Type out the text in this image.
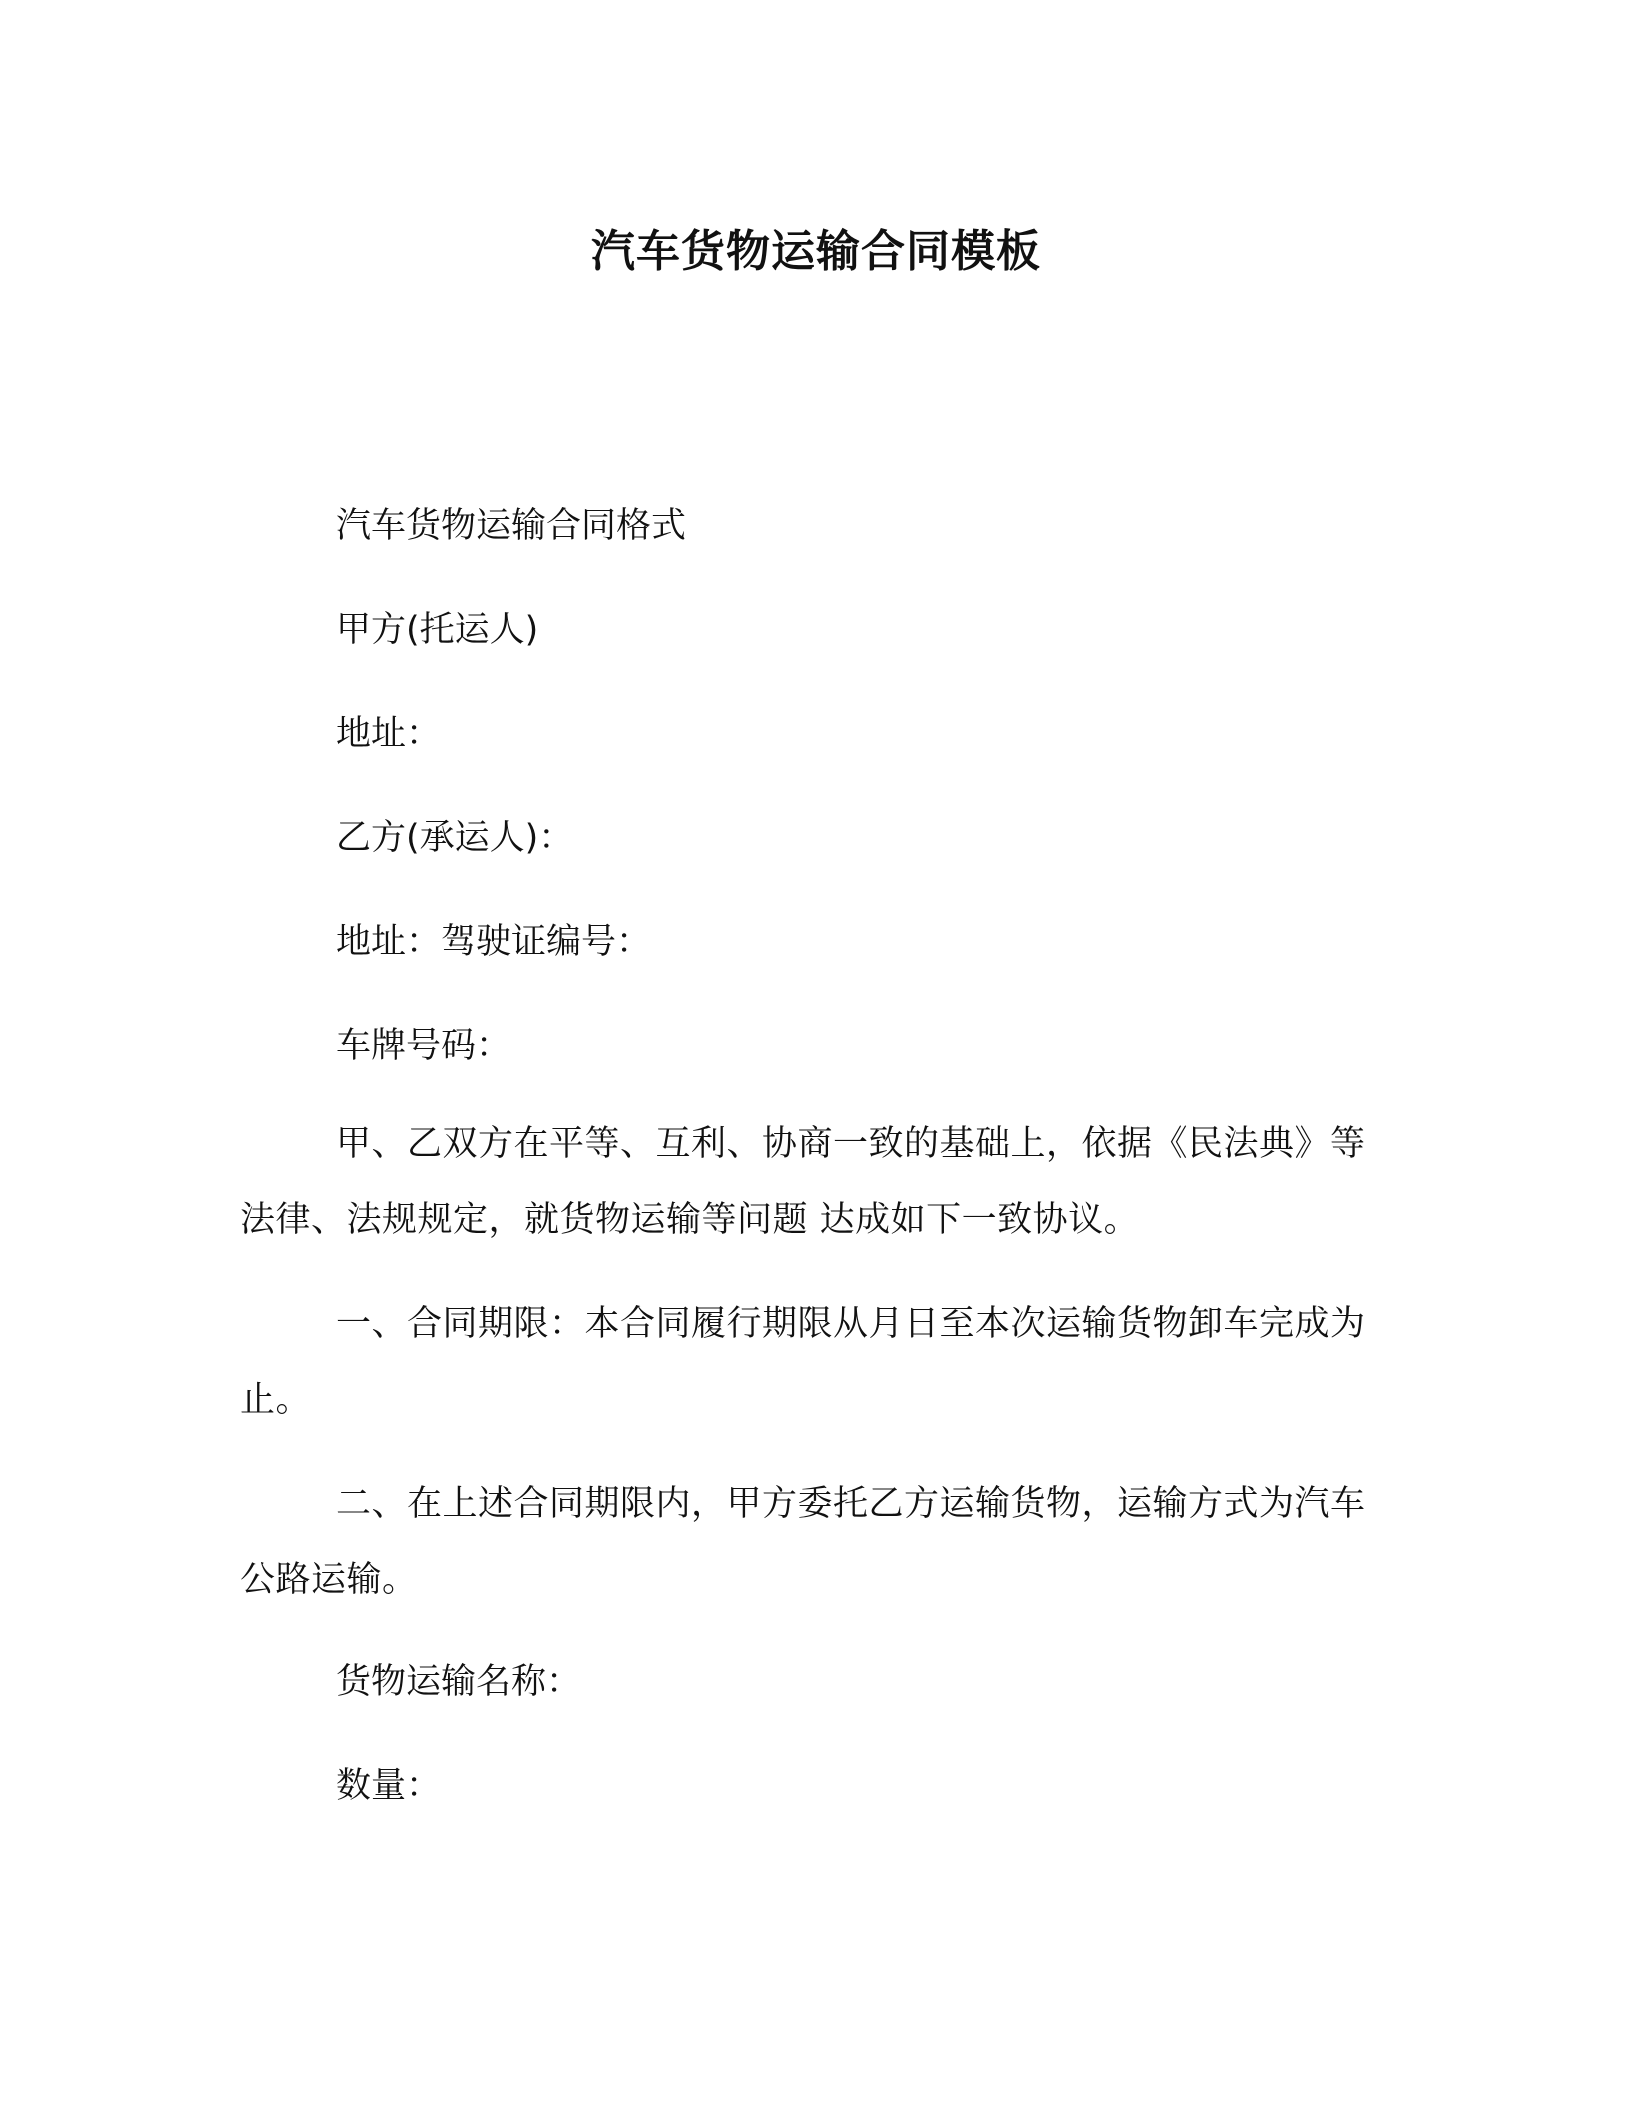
汽车货物运输合同模板
汽车货物运输合同格式
甲方(托运人)
地址：
乙方(承运人)：
地址：驾驶证编号：
车牌号码：
甲、乙双方在平等、互利、协商一致的基础上，依据《民法典》等法律、法规规定，就货物运输等问题 达成如下一致协议。
一、合同期限：本合同履行期限从月日至本次运输货物卸车完成为止。
二、在上述合同期限内，甲方委托乙方运输货物，运输方式为汽车公路运输。
货物运输名称：
数量：
